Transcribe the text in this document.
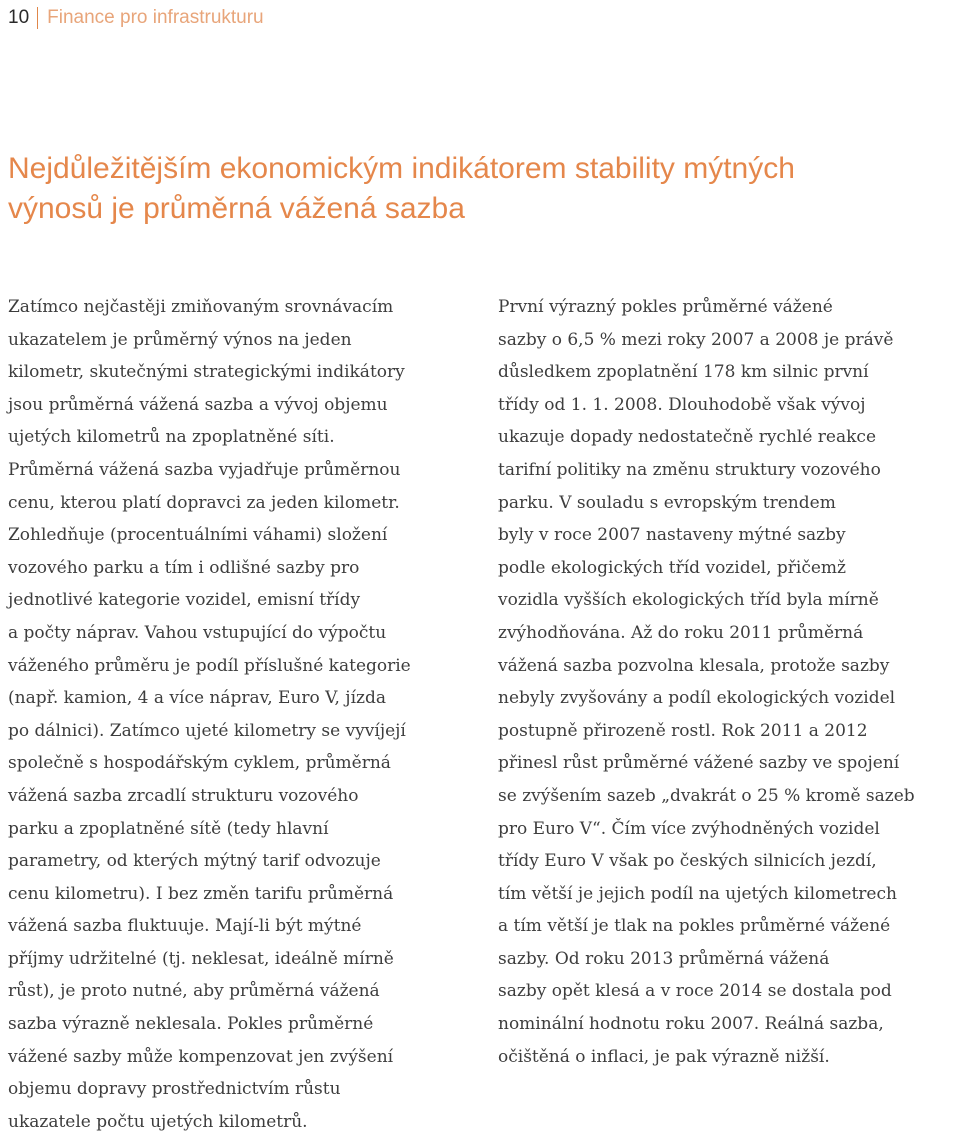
10 Finance pro infrastrukturu
Nejdůležitějším ekonomickým indikátorem stability mýtných
výnosů je průměrná vážená sazba
Zatímco nejčastěji zmiňovaným srovnávacím
ukazatelem je průměrný výnos na jeden
kilometr, skutečnými strategickými indikátory
jsou průměrná vážená sazba a vývoj objemu
ujetých kilometrů na zpoplatněné síti.
Průměrná vážená sazba vyjadřuje průměrnou
cenu, kterou platí dopravci za jeden kilometr.
Zohledňuje (procentuálními váhami) složení
vozového parku a tím i odlišné sazby pro
jednotlivé kategorie vozidel, emisní třídy
a počty náprav. Vahou vstupující do výpočtu
váženého průměru je podíl příslušné kategorie
(např. kamion, 4 a více náprav, Euro V, jízda
po dálnici). Zatímco ujeté kilometry se vyvíjejí
společně s hospodářským cyklem, průměrná
vážená sazba zrcadlí strukturu vozového
parku a zpoplatněné sítě (tedy hlavní
parametry, od kterých mýtný tarif odvozuje
cenu kilometru). I bez změn tarifu průměrná
vážená sazba fluktuuje. Mají-li být mýtné
příjmy udržitelné (tj. neklesat, ideálně mírně
růst), je proto nutné, aby průměrná vážená
sazba výrazně neklesala. Pokles průměrné
vážené sazby může kompenzovat jen zvýšení
objemu dopravy prostřednictvím růstu
ukazatele počtu ujetých kilometrů.
První výrazný pokles průměrné vážené
sazby o 6,5 % mezi roky 2007 a 2008 je právě
důsledkem zpoplatnění 178 km silnic první
třídy od 1. 1. 2008. Dlouhodobě však vývoj
ukazuje dopady nedostatečně rychlé reakce
tarifní politiky na změnu struktury vozového
parku. V souladu s evropským trendem
byly v roce 2007 nastaveny mýtné sazby
podle ekologických tříd vozidel, přičemž
vozidla vyšších ekologických tříd byla mírně
zvýhodňována. Až do roku 2011 průměrná
vážená sazba pozvolna klesala, protože sazby
nebyly zvyšovány a podíl ekologických vozidel
postupně přirozeně rostl. Rok 2011 a 2012
přinesl růst průměrné vážené sazby ve spojení
se zvýšením sazeb „dvakrát o 25 % kromě sazeb
pro Euro V“. Čím více zvýhodněných vozidel
třídy Euro V však po českých silnicích jezdí,
tím větší je jejich podíl na ujetých kilometrech
a tím větší je tlak na pokles průměrné vážené
sazby. Od roku 2013 průměrná vážená
sazby opět klesá a v roce 2014 se dostala pod
nominální hodnotu roku 2007. Reálná sazba,
očištěná o inflaci, je pak výrazně nižší.
